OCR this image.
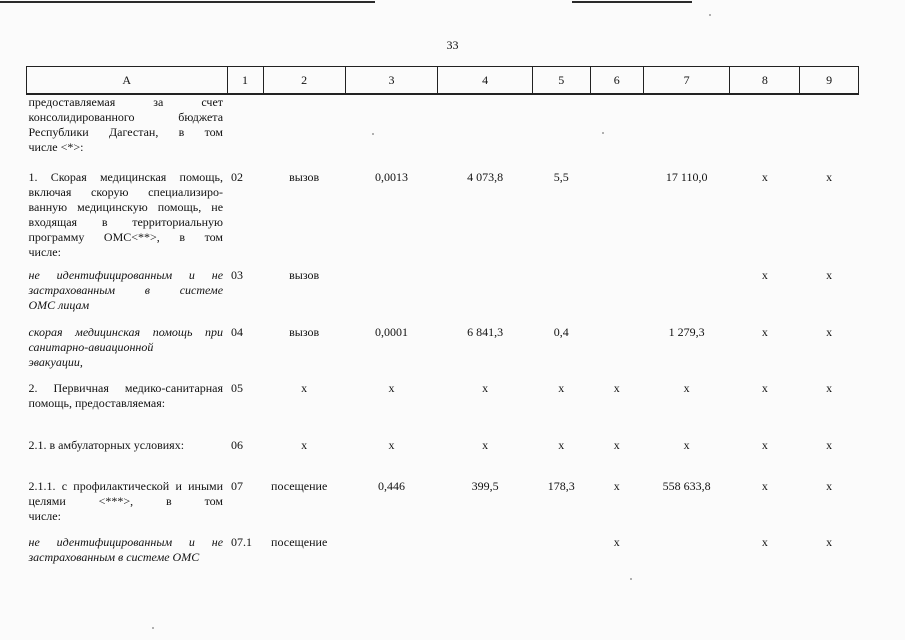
33
А	1	2	3	4	5	6	7	8	9
предоставляемая за счет консолидированного бюджета Республики Дагестан, в том
числе <*>:									

1. Скорая медицинская помощь, включая скорую специализиро-ванную медицинскую помощь, не входящая в территориальную программу ОМС<**>, в том
числе:	02	вызов	0,0013	4 073,8	5,5		17 110,0	х	х
не идентифицированным и не застрахованным в системе
ОМС лицам	03	вызов						х	х
скорая медицинская помощь при санитарно-авиационной
эвакуации,	04	вызов	0,0001	6 841,3	0,4		1 279,3	х	х
2. Первичная медико-санитарная
помощь, предоставляемая:	05	х	х	х	х	х	х	х	х

2.1. в амбулаторных условиях:	06	х	х	х	х	х	х	х	х
2.1.1. с профилактической и иными целями <***>, в том
числе:	07	посещение	0,446	399,5	178,3	х	558 633,8	х	х
не идентифицированным и не
застрахованным в системе ОМС	07.1	посещение				х		х	х
